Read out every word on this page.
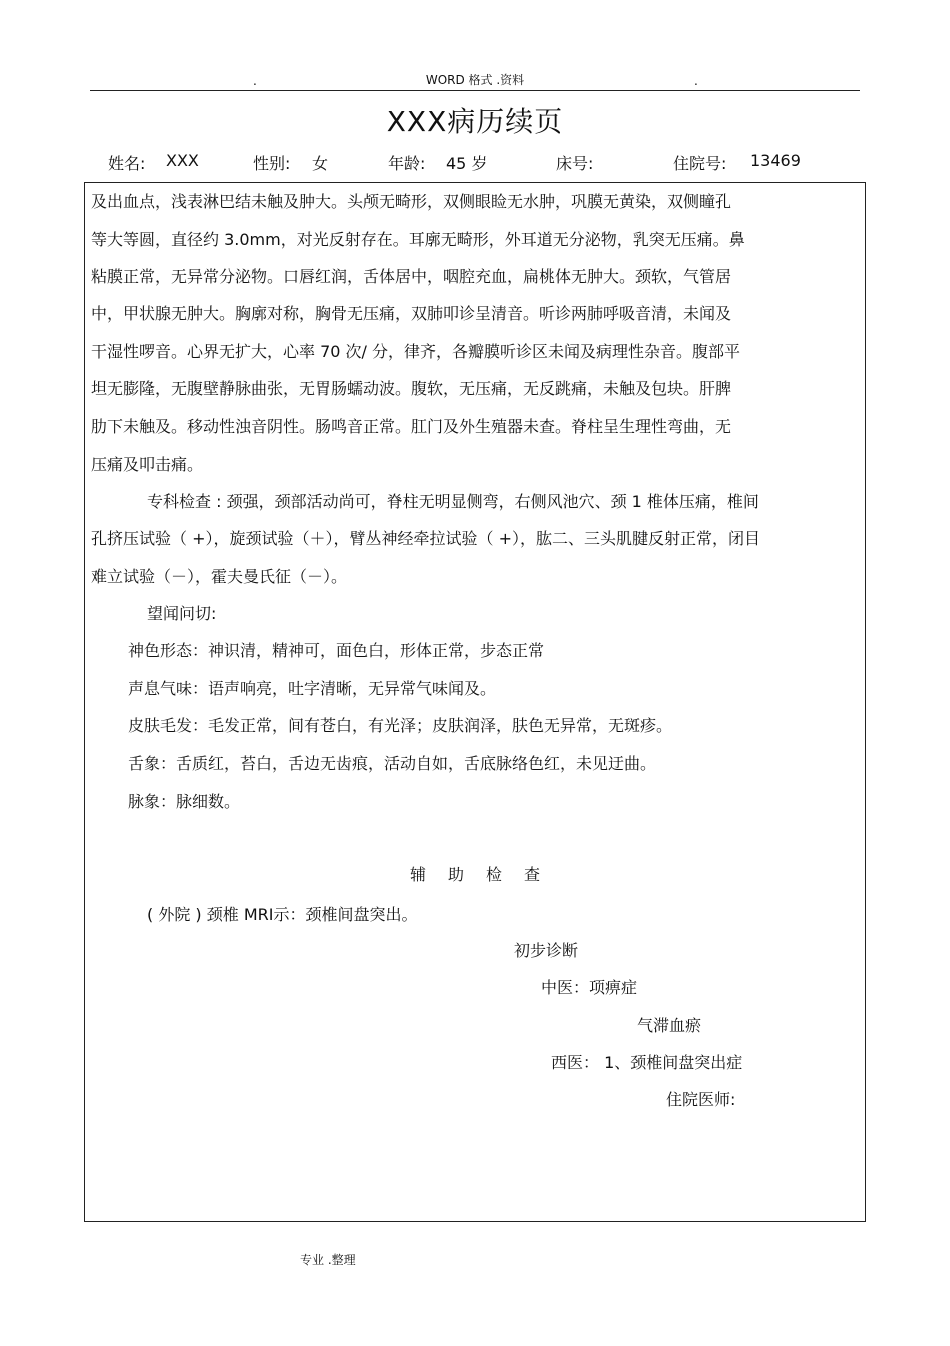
.	WORD 格式 .资料	.
XXX病历续页
姓名: XXX	性别: 女	年龄: 45 岁	床号:	住院号: 13469
及出血点，浅表淋巴结未触及肿大。头颅无畸形，双侧眼睑无水肿，巩膜无黄染，双侧瞳孔
等大等圆，直径约 3.0mm，对光反射存在。耳廓无畸形，外耳道无分泌物，乳突无压痛。鼻
粘膜正常，无异常分泌物。口唇红润，舌体居中，咽腔充血，扁桃体无肿大。颈软，气管居
中，甲状腺无肿大。胸廓对称，胸骨无压痛，双肺叩诊呈清音。听诊两肺呼吸音清，未闻及
干湿性啰音。心界无扩大，心率 70 次/ 分，律齐，各瓣膜听诊区未闻及病理性杂音。腹部平
坦无膨隆，无腹壁静脉曲张，无胃肠蠕动波。腹软，无压痛，无反跳痛，未触及包块。肝脾
肋下未触及。移动性浊音阴性。肠鸣音正常。肛门及外生殖器未查。脊柱呈生理性弯曲，无
压痛及叩击痛。
专科检查 : 颈强，颈部活动尚可，脊柱无明显侧弯，右侧风池穴、颈 1 椎体压痛，椎间
孔挤压试验（ +），旋颈试验（＋），臂丛神经牵拉试验（ +），肱二、三头肌腱反射正常，闭目
难立试验（－），霍夫曼氏征（－）。
望闻问切:
神色形态：神识清，精神可，面色白，形体正常，步态正常
声息气味：语声响亮，吐字清晰，无异常气味闻及。
皮肤毛发：毛发正常，间有苍白，有光泽；皮肤润泽，肤色无异常，无斑疹。
舌象：舌质红，苔白，舌边无齿痕，活动自如，舌底脉络色红，未见迂曲。
脉象：脉细数。
辅助检查
( 外院 ) 颈椎 MRI示：颈椎间盘突出。
初步诊断
中医：项痹症
气滞血瘀
西医： 1、颈椎间盘突出症
住院医师:
专业 .整理
